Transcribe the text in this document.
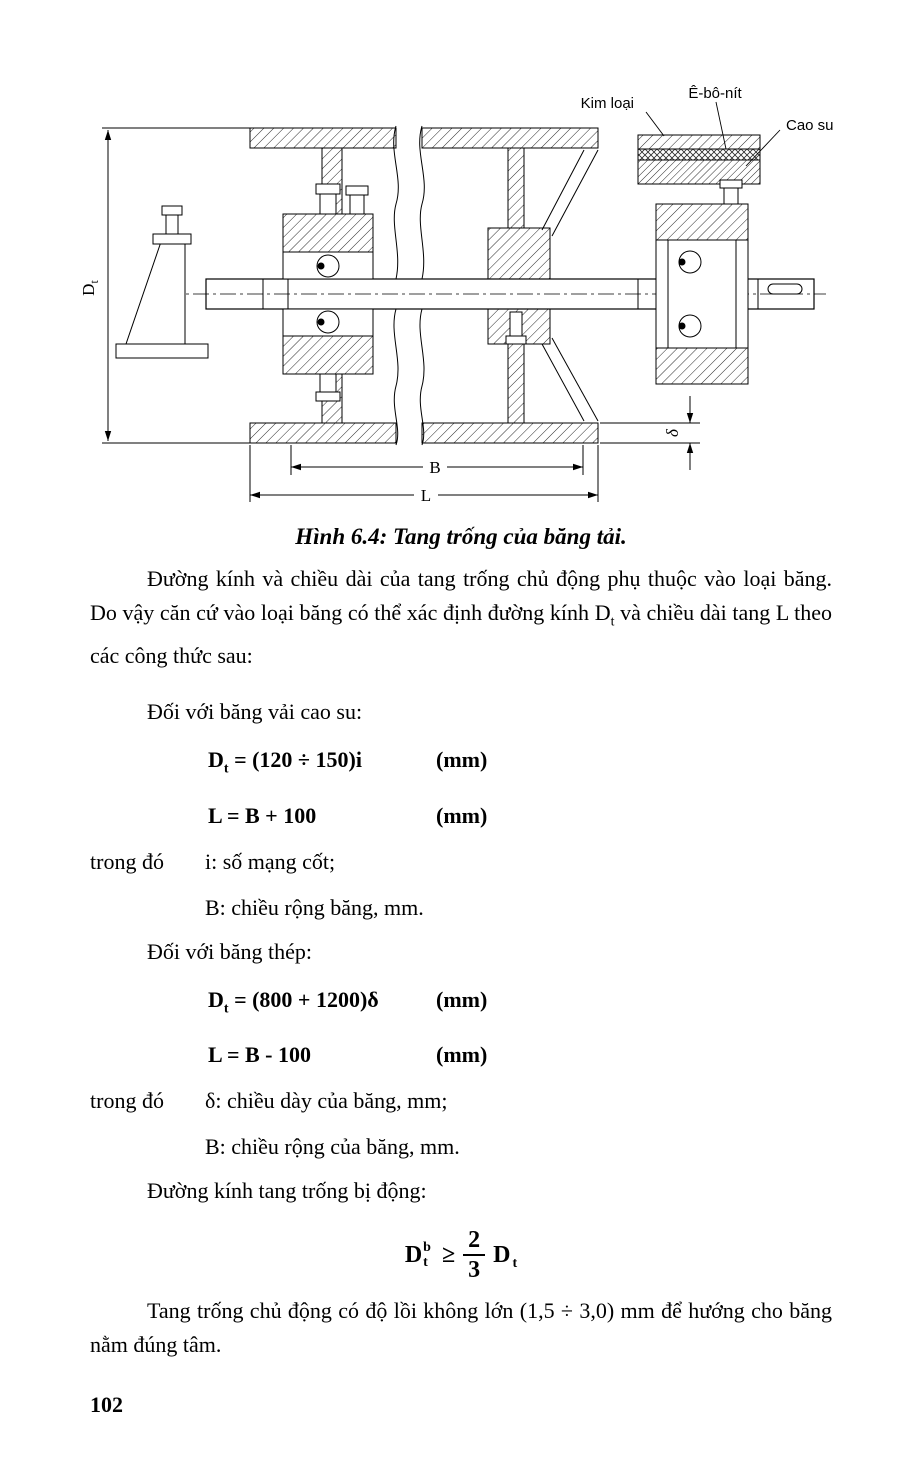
Kim loại
Ê-bô-nít
Cao su
$D_t$
B
L
δ
Hình 6.4: Tang trống của băng tải.

Đường kính và chiều dài của tang trống chủ động phụ thuộc vào loại băng. Do vậy căn cứ vào loại băng có thể xác định đường kính $D_t$ và chiều dài tang L theo các công thức sau:

Đối với băng vải cao su:
$D_t = (120 \div 150)i$	(mm)
L = B + 100	(mm)
trong đó	i: số mạng cốt;
B: chiều rộng băng, mm.
Đối với băng thép:
$D_t = (800 + 1200)\delta$	(mm)
L = B - 100	(mm)
trong đó	δ: chiều dày của băng, mm;
B: chiều rộng của băng, mm.
Đường kính tang trống bị động:
D b
$t \ge \frac{2}{3}$ D t

Tang trống chủ động có độ lồi không lớn (1,5 ÷ 3,0) mm để hướng cho băng nằm đúng tâm.

102
